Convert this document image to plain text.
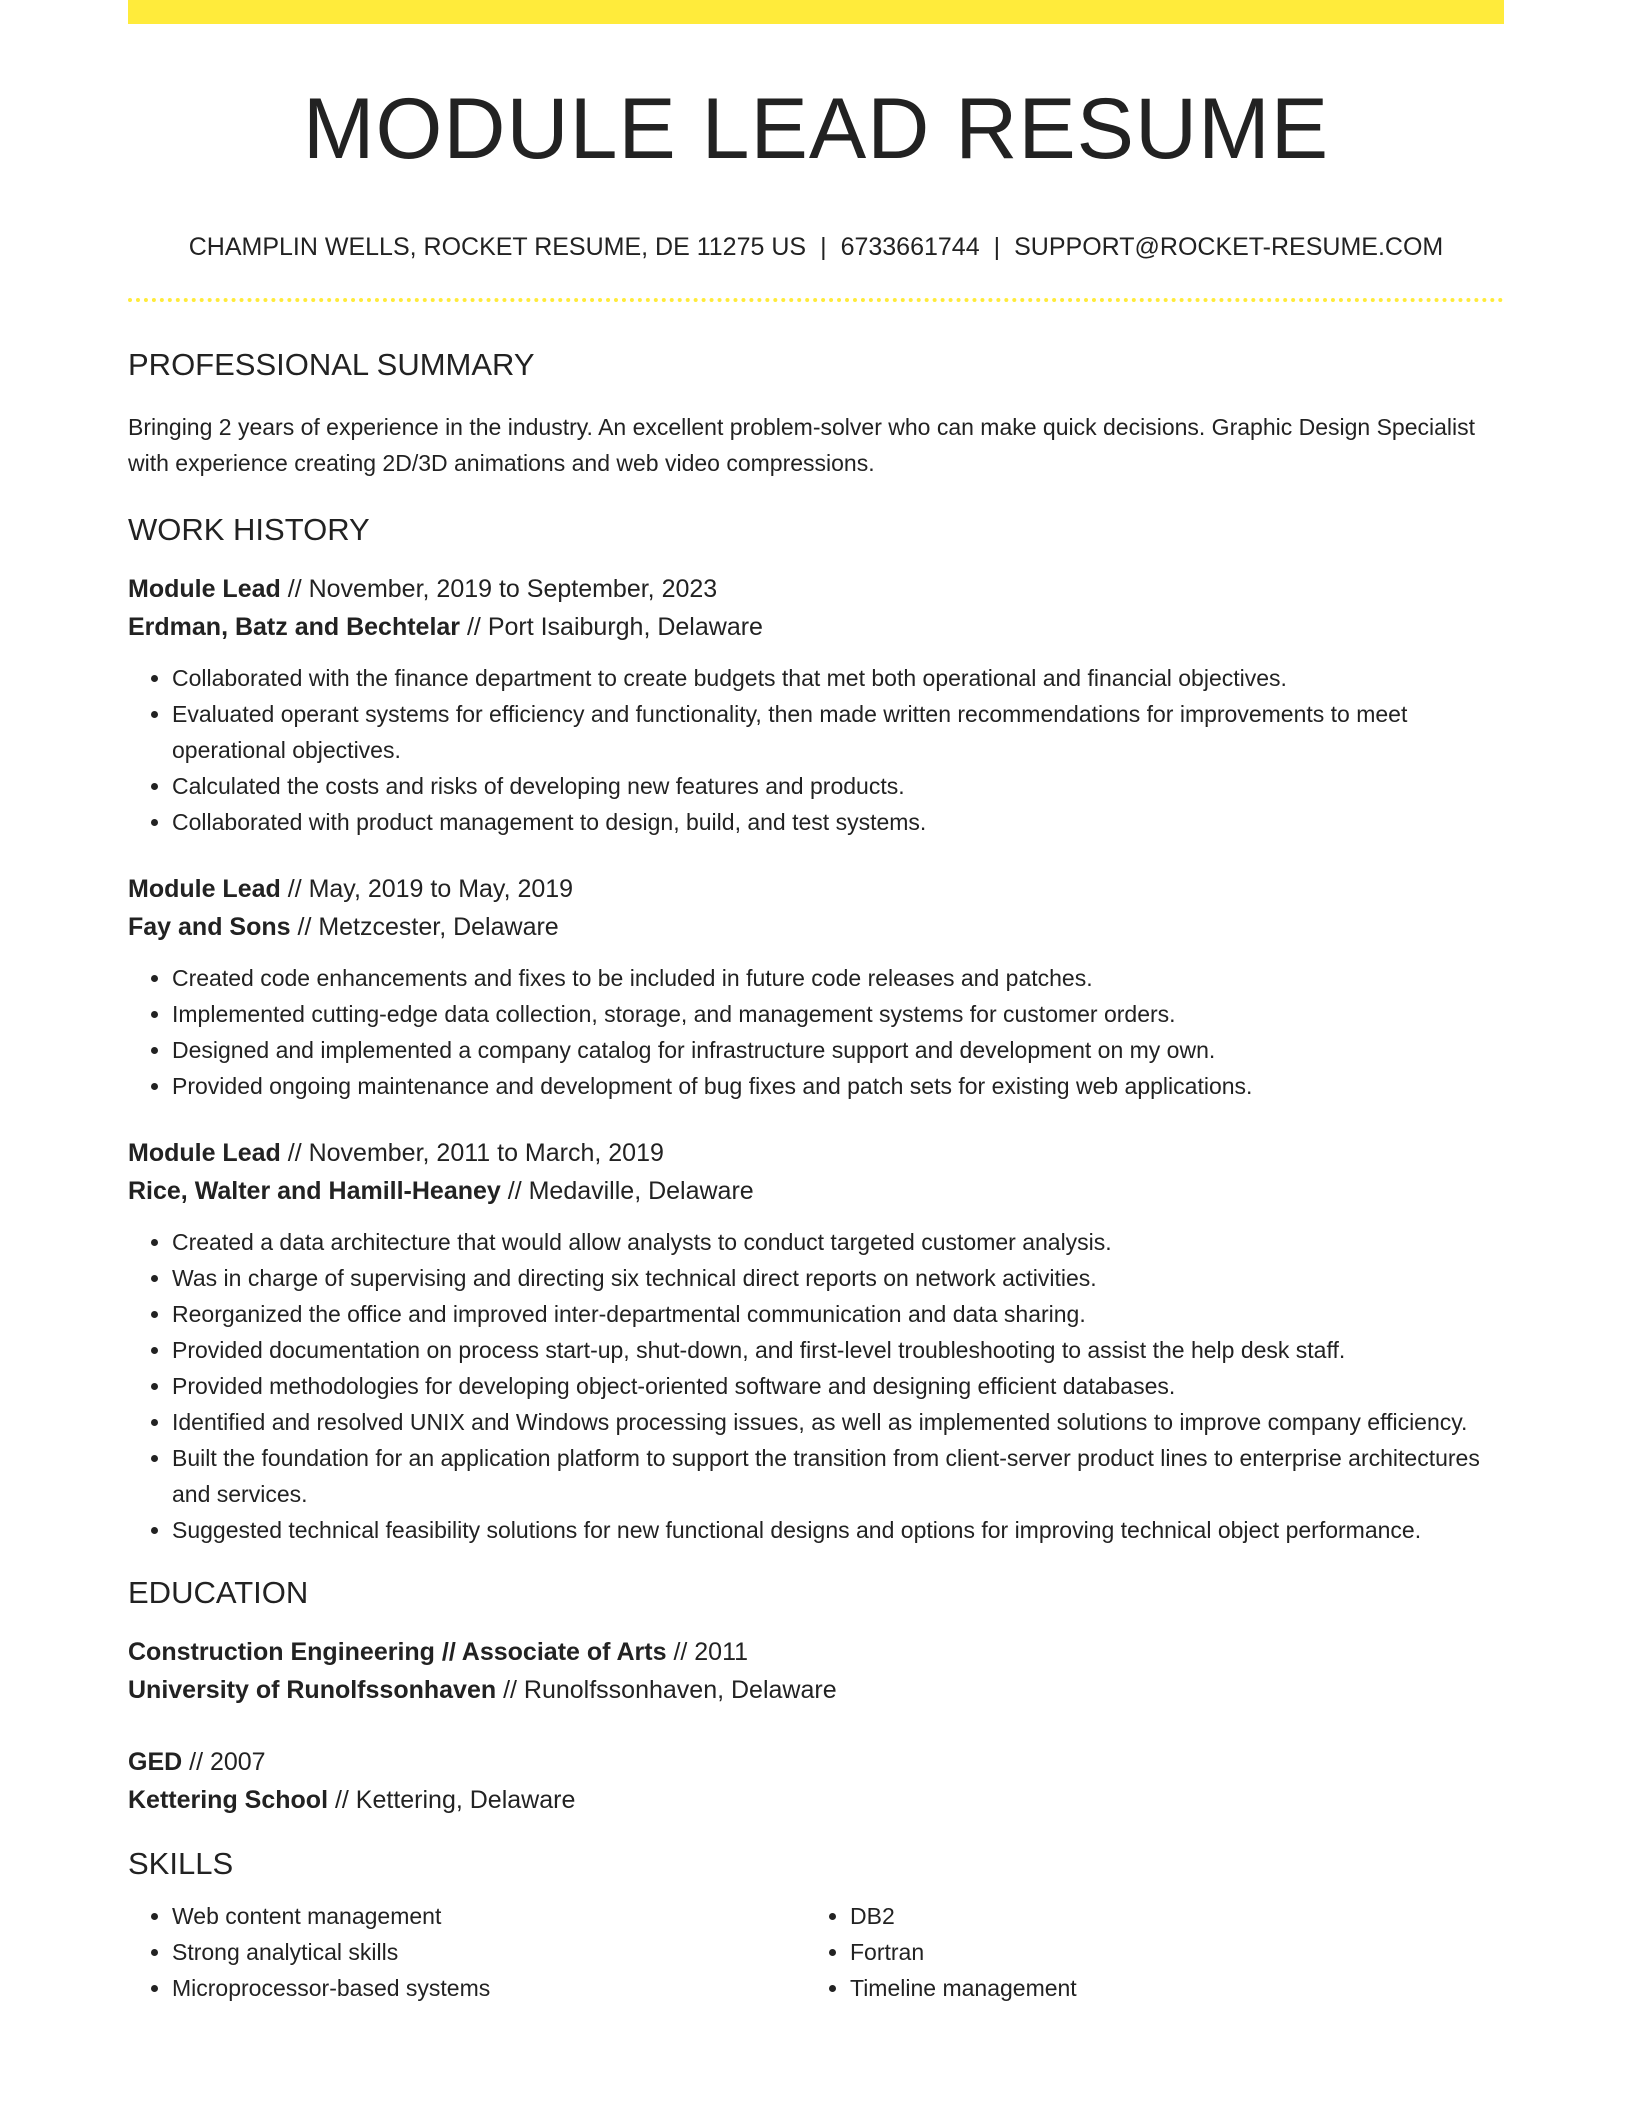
MODULE LEAD RESUME
CHAMPLIN WELLS, ROCKET RESUME, DE 11275 US | 6733661744 | SUPPORT@ROCKET-RESUME.COM
PROFESSIONAL SUMMARY

Bringing 2 years of experience in the industry. An excellent problem-solver who can make quick decisions. Graphic Design Specialist with experience creating 2D/3D animations and web video compressions.

WORK HISTORY
Module Lead // November, 2019 to September, 2023
Erdman, Batz and Bechtelar // Port Isaiburgh, Delaware
• Collaborated with the finance department to create budgets that met both operational and financial objectives.
• Evaluated operant systems for efficiency and functionality, then made written recommendations for improvements to meet operational objectives.
• Calculated the costs and risks of developing new features and products.
• Collaborated with product management to design, build, and test systems.
Module Lead // May, 2019 to May, 2019
Fay and Sons // Metzcester, Delaware
• Created code enhancements and fixes to be included in future code releases and patches.
• Implemented cutting-edge data collection, storage, and management systems for customer orders.
• Designed and implemented a company catalog for infrastructure support and development on my own.
• Provided ongoing maintenance and development of bug fixes and patch sets for existing web applications.
Module Lead // November, 2011 to March, 2019
Rice, Walter and Hamill-Heaney // Medaville, Delaware
• Created a data architecture that would allow analysts to conduct targeted customer analysis.
• Was in charge of supervising and directing six technical direct reports on network activities.
• Reorganized the office and improved inter-departmental communication and data sharing.
• Provided documentation on process start-up, shut-down, and first-level troubleshooting to assist the help desk staff.
• Provided methodologies for developing object-oriented software and designing efficient databases.
• Identified and resolved UNIX and Windows processing issues, as well as implemented solutions to improve company efficiency.
• Built the foundation for an application platform to support the transition from client-server product lines to enterprise architectures and services.
• Suggested technical feasibility solutions for new functional designs and options for improving technical object performance.
EDUCATION
Construction Engineering // Associate of Arts // 2011
University of Runolfssonhaven // Runolfssonhaven, Delaware
GED // 2007
Kettering School // Kettering, Delaware
SKILLS
• Web content management
• Strong analytical skills
• Microprocessor-based systems
• DB2
• Fortran
• Timeline management
